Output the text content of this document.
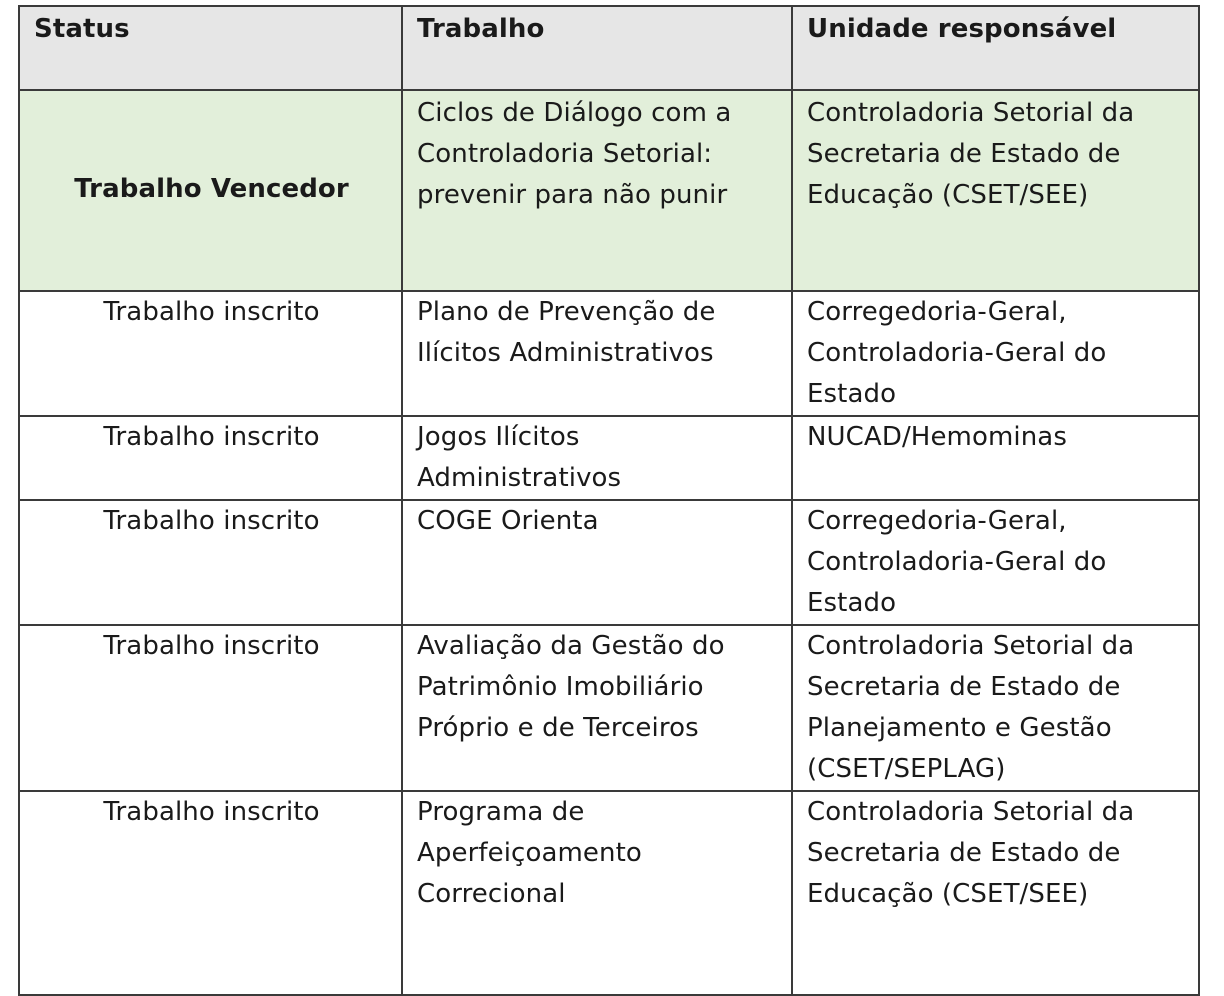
Status	Trabalho	Unidade responsável

Trabalho Vencedor	Ciclos de Diálogo com a Controladoria Setorial: prevenir para não punir	Controladoria Setorial da Secretaria de Estado de Educação (CSET/SEE)

Trabalho inscrito	Plano de Prevenção de Ilícitos Administrativos	Corregedoria-Geral, Controladoria-Geral do Estado

Trabalho inscrito	Jogos Ilícitos Administrativos	NUCAD/Hemominas

Trabalho inscrito	COGE Orienta	Corregedoria-Geral, Controladoria-Geral do Estado

Trabalho inscrito	Avaliação da Gestão do Patrimônio Imobiliário Próprio e de Terceiros	Controladoria Setorial da Secretaria de Estado de Planejamento e Gestão (CSET/SEPLAG)

Trabalho inscrito	Programa de Aperfeiçoamento Correcional	Controladoria Setorial da Secretaria de Estado de Educação (CSET/SEE)
